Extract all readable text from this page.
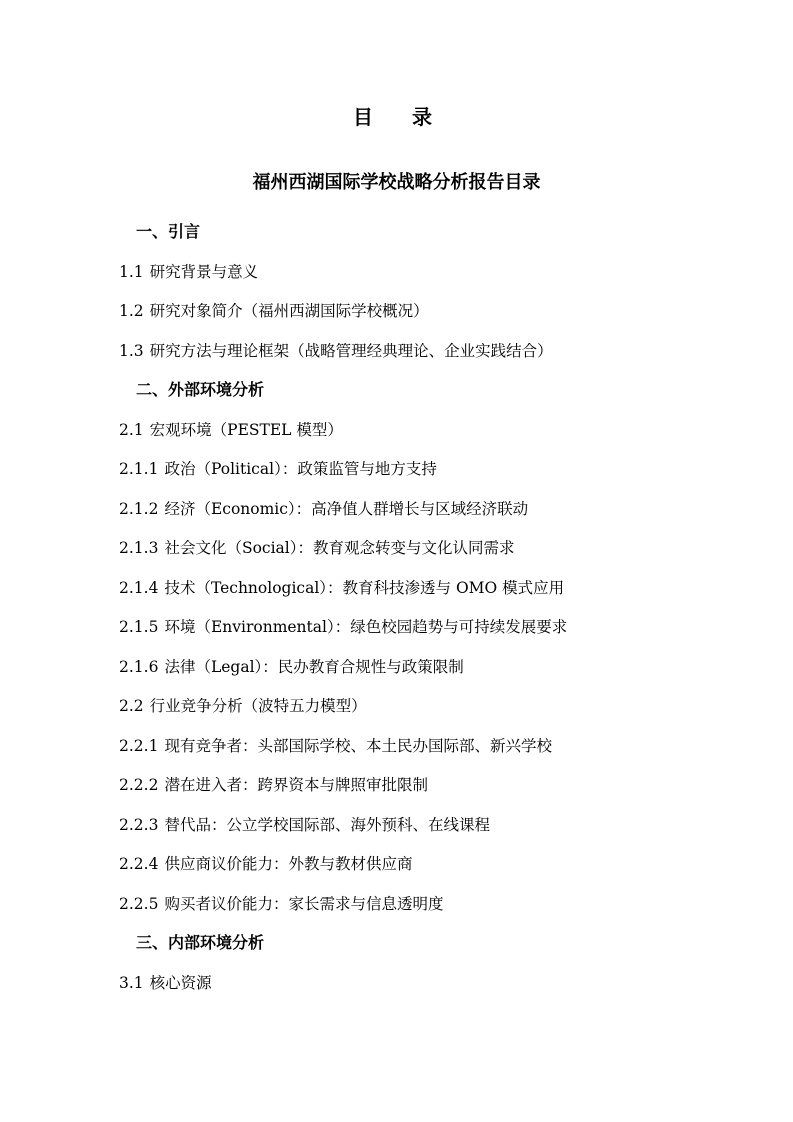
目 录
福州西湖国际学校战略分析报告目录
一、引言
1.1 研究背景与意义
1.2 研究对象简介（福州西湖国际学校概况）
1.3 研究方法与理论框架（战略管理经典理论、企业实践结合）
二、外部环境分析
2.1 宏观环境（PESTEL 模型）
2.1.1 政治（Political）：政策监管与地方支持
2.1.2 经济（Economic）：高净值人群增长与区域经济联动
2.1.3 社会文化（Social）：教育观念转变与文化认同需求
2.1.4 技术（Technological）：教育科技渗透与 OMO 模式应用
2.1.5 环境（Environmental）：绿色校园趋势与可持续发展要求
2.1.6 法律（Legal）：民办教育合规性与政策限制
2.2 行业竞争分析（波特五力模型）
2.2.1 现有竞争者：头部国际学校、本土民办国际部、新兴学校
2.2.2 潜在进入者：跨界资本与牌照审批限制
2.2.3 替代品：公立学校国际部、海外预科、在线课程
2.2.4 供应商议价能力：外教与教材供应商
2.2.5 购买者议价能力：家长需求与信息透明度
三、内部环境分析
3.1 核心资源
